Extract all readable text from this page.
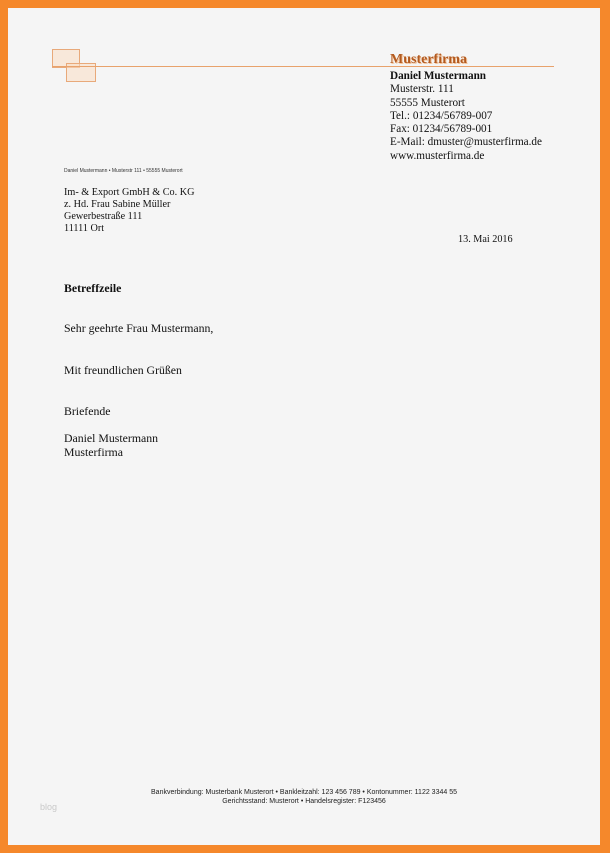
Musterfirma
Daniel Mustermann
Musterstr. 111
55555 Musterort
Tel.: 01234/56789-007
Fax: 01234/56789-001
E-Mail: dmuster@musterfirma.de
www.musterfirma.de
Daniel Mustermann • Musterstr 111 • 55555 Musterort
Im- & Export GmbH & Co. KG
z. Hd. Frau Sabine Müller
Gewerbestraße 111
11111 Ort
13. Mai 2016
Betreffzeile
Sehr geehrte Frau Mustermann,
Mit freundlichen Grüßen
Briefende
Daniel Mustermann
Musterfirma
Bankverbindung: Musterbank Musterort • Bankleitzahl: 123 456 789 • Kontonummer: 1122 3344 55
Gerichtsstand: Musterort • Handelsregister: F123456
blog
